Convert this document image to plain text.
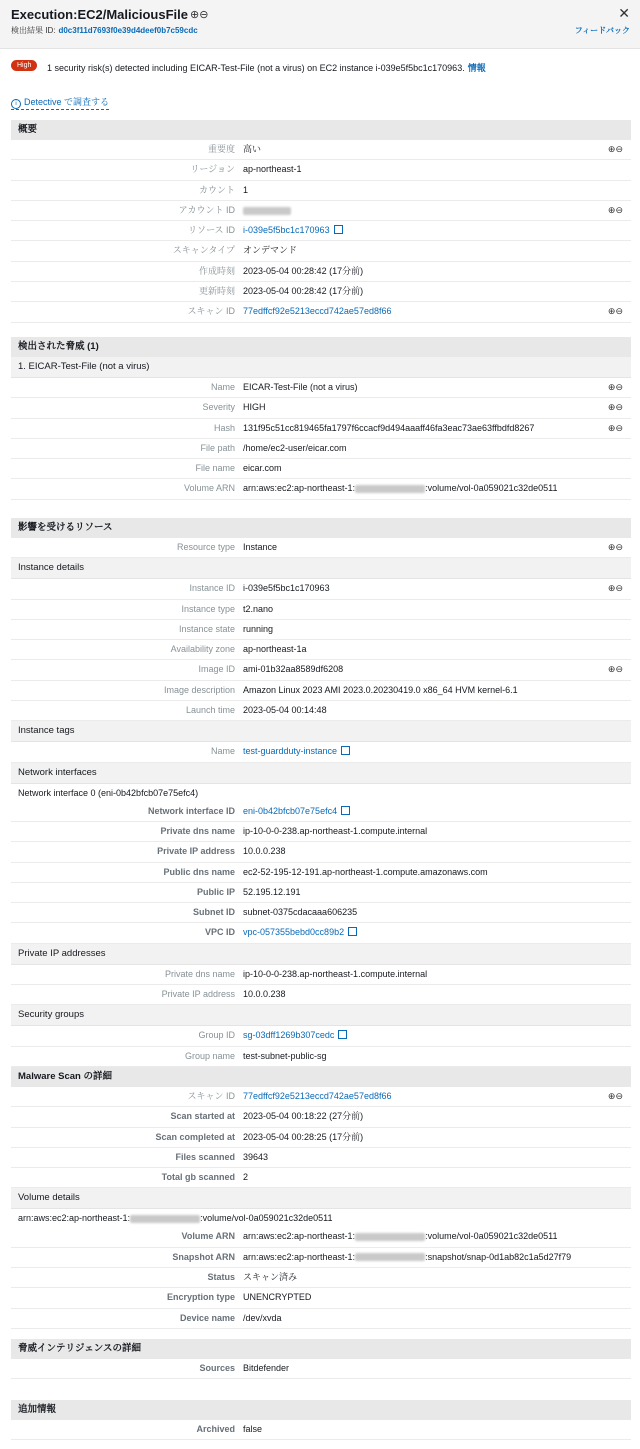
Execution:EC2/MaliciousFile ⊕⊖
検出結果 ID: d0c3f11d7693f0e39d4deef0b7c59cdc
✕
フィードバック
High	1 security risk(s) detected including EICAR-Test-File (not a virus) on EC2 instance i-039e5f5bc1c170963. 情報
i Detective で調査する
概要
重要度 高い	⊕⊖
リージョン ap-northeast-1
カウント 1
アカウント ID	⊕⊖
リソース ID i-039e5f5bc1c170963
スキャンタイプ オンデマンド
作成時刻 2023-05-04 00:28:42 (17分前)
更新時刻 2023-05-04 00:28:42 (17分前)
スキャン ID 77edffcf92e5213eccd742ae57ed8f66	⊕⊖
検出された脅威 (1)
1. EICAR-Test-File (not a virus)
Name EICAR-Test-File (not a virus)	⊕⊖
Severity HIGH	⊕⊖
Hash 131f95c51cc819465fa1797f6ccacf9d494aaaff46fa3eac73ae63ffbdfd8267	⊕⊖
File path /home/ec2-user/eicar.com
File name eicar.com
Volume ARN arn:aws:ec2:ap-northeast-1:	:volume/vol-0a059021c32de0511
影響を受けるリソース
Resource type Instance	⊕⊖
Instance details
Instance ID i-039e5f5bc1c170963	⊕⊖
Instance type t2.nano
Instance state running
Availability zone ap-northeast-1a
Image ID ami-01b32aa8589df6208	⊕⊖
Image description Amazon Linux 2023 AMI 2023.0.20230419.0 x86_64 HVM kernel-6.1
Launch time 2023-05-04 00:14:48
Instance tags
Name test-guardduty-instance
Network interfaces
Network interface 0 (eni-0b42bfcb07e75efc4)
Network interface ID eni-0b42bfcb07e75efc4
Private dns name ip-10-0-0-238.ap-northeast-1.compute.internal
Private IP address 10.0.0.238
Public dns name ec2-52-195-12-191.ap-northeast-1.compute.amazonaws.com
Public IP 52.195.12.191
Subnet ID subnet-0375cdacaaa606235
VPC ID vpc-057355bebd0cc89b2
Private IP addresses
Private dns name ip-10-0-0-238.ap-northeast-1.compute.internal
Private IP address 10.0.0.238
Security groups
Group ID sg-03dff1269b307cedc
Group name test-subnet-public-sg
Malware Scan の詳細
スキャン ID 77edffcf92e5213eccd742ae57ed8f66	⊕⊖
Scan started at 2023-05-04 00:18:22 (27分前)
Scan completed at 2023-05-04 00:28:25 (17分前)
Files scanned 39643
Total gb scanned 2
Volume details
arn:aws:ec2:ap-northeast-1:	:volume/vol-0a059021c32de0511
Volume ARN arn:aws:ec2:ap-northeast-1:	:volume/vol-0a059021c32de0511
Snapshot ARN arn:aws:ec2:ap-northeast-1:	:snapshot/snap-0d1ab82c1a5d27f79
Status スキャン済み
Encryption type UNENCRYPTED
Device name /dev/xvda
脅威インテリジェンスの詳細
Sources Bitdefender
追加情報
Archived false
